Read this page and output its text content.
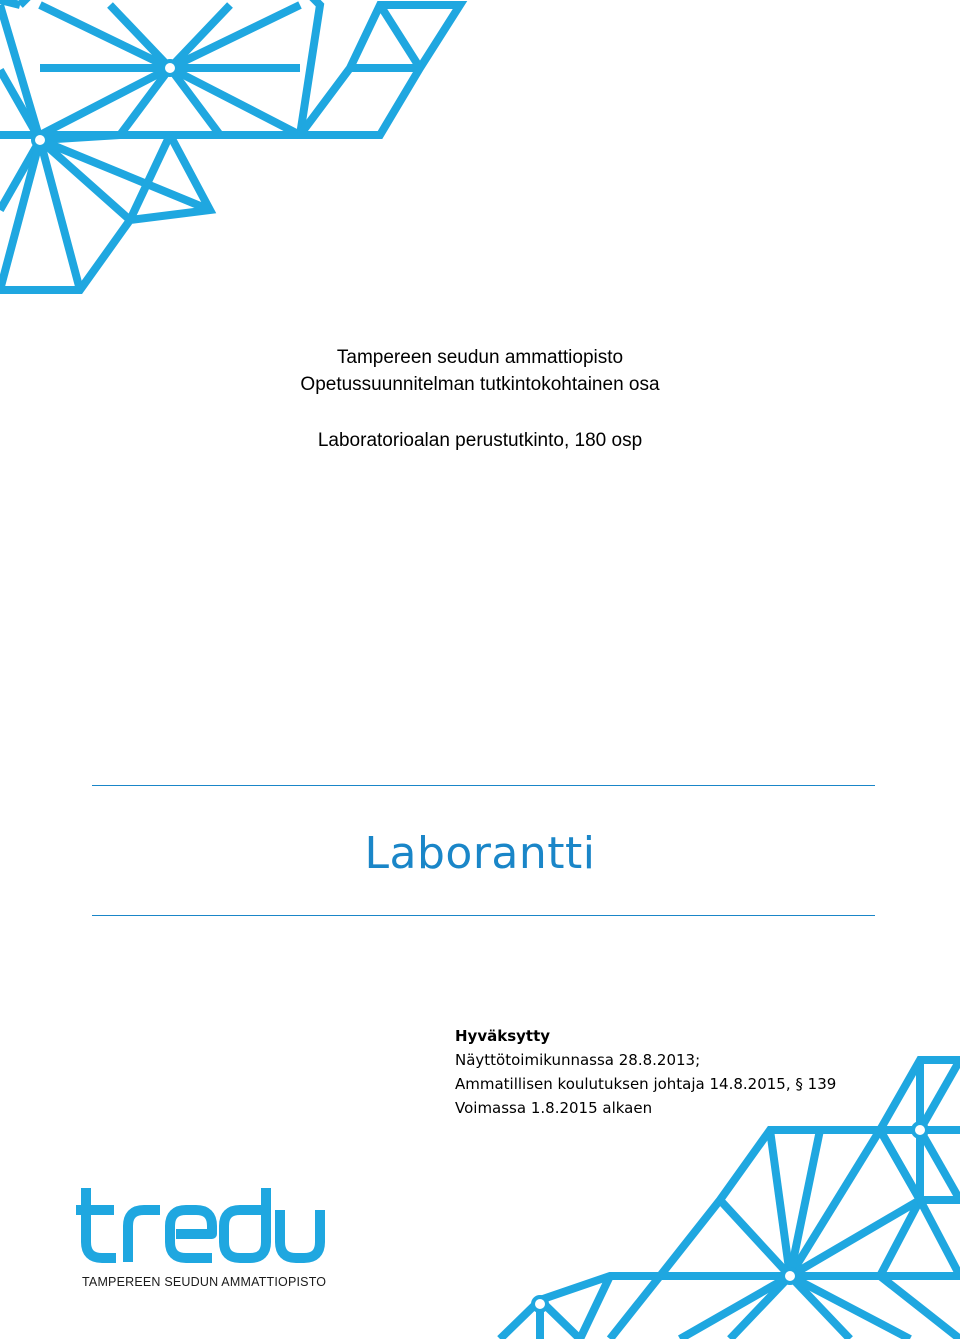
Tampereen seudun ammattiopisto
Opetussuunnitelman tutkintokohtainen osa
Laboratorioalan perustutkinto, 180 osp
Laborantti
Hyväksytty
Näyttötoimikunnassa 28.8.2013;
Ammatillisen koulutuksen johtaja 14.8.2015, § 139
Voimassa 1.8.2015 alkaen
TAMPEREEN SEUDUN AMMATTIOPISTO
